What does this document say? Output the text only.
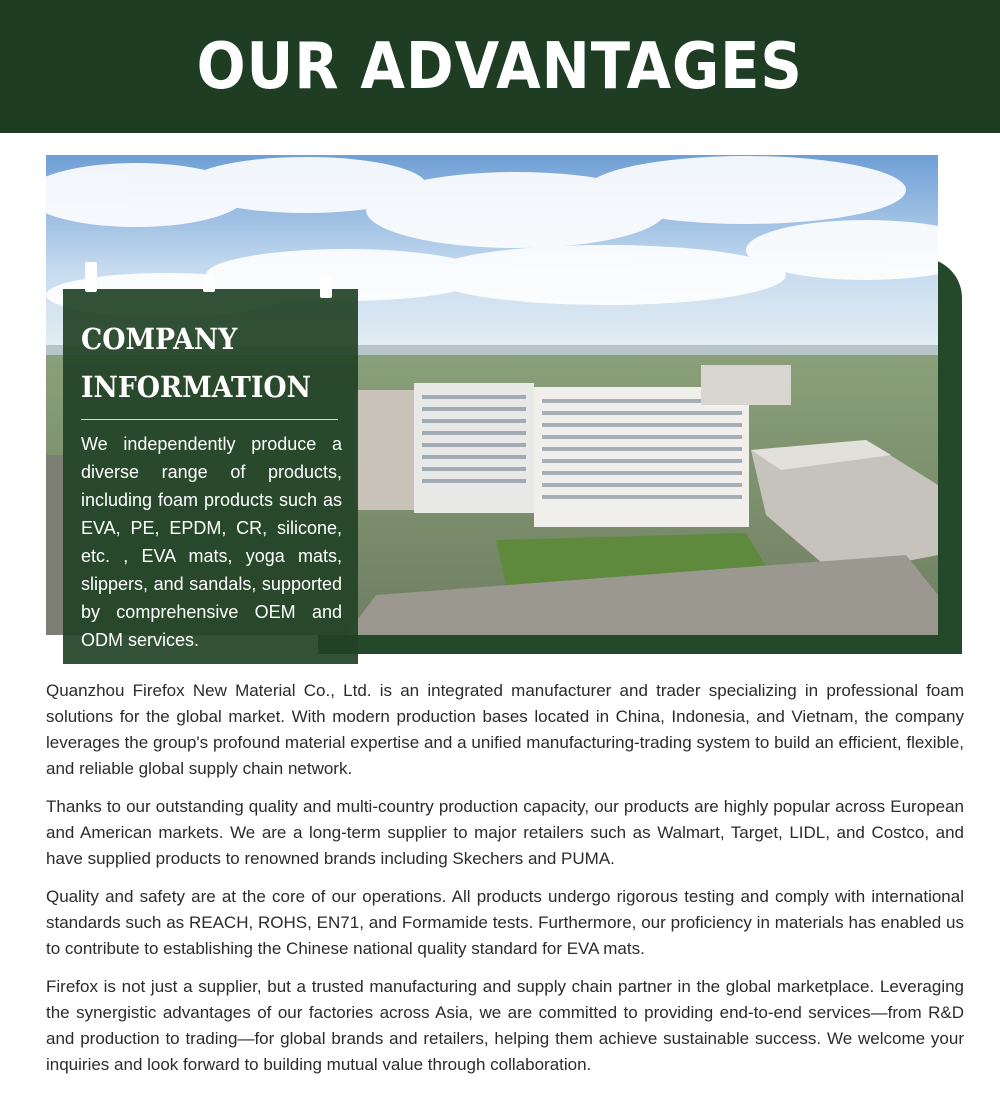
OUR ADVANTAGES
COMPANY
INFORMATION

We independently produce a diverse range of products, including foam products such as EVA, PE, EPDM, CR, silicone, etc. , EVA mats, yoga mats, slippers, and sandals, supported by comprehensive OEM and ODM services.

Quanzhou Firefox New Material Co., Ltd. is an integrated manufacturer and trader specializing in professional foam solutions for the global market. With modern production bases located in China, Indonesia, and Vietnam, the company leverages the group's profound material expertise and a unified manufacturing-trading system to build an efficient, flexible, and reliable global supply chain network.

Thanks to our outstanding quality and multi-country production capacity, our products are highly popular across European and American markets. We are a long-term supplier to major retailers such as Walmart, Target, LIDL, and Costco, and have supplied products to renowned brands including Skechers and PUMA.

Quality and safety are at the core of our operations. All products undergo rigorous testing and comply with international standards such as REACH, ROHS, EN71, and Formamide tests. Furthermore, our proficiency in materials has enabled us to contribute to establishing the Chinese national quality standard for EVA mats.

Firefox is not just a supplier, but a trusted manufacturing and supply chain partner in the global marketplace. Leveraging the synergistic advantages of our factories across Asia, we are committed to providing end-to-end services—from R&D and production to trading—for global brands and retailers, helping them achieve sustainable success. We welcome your inquiries and look forward to building mutual value through collaboration.
